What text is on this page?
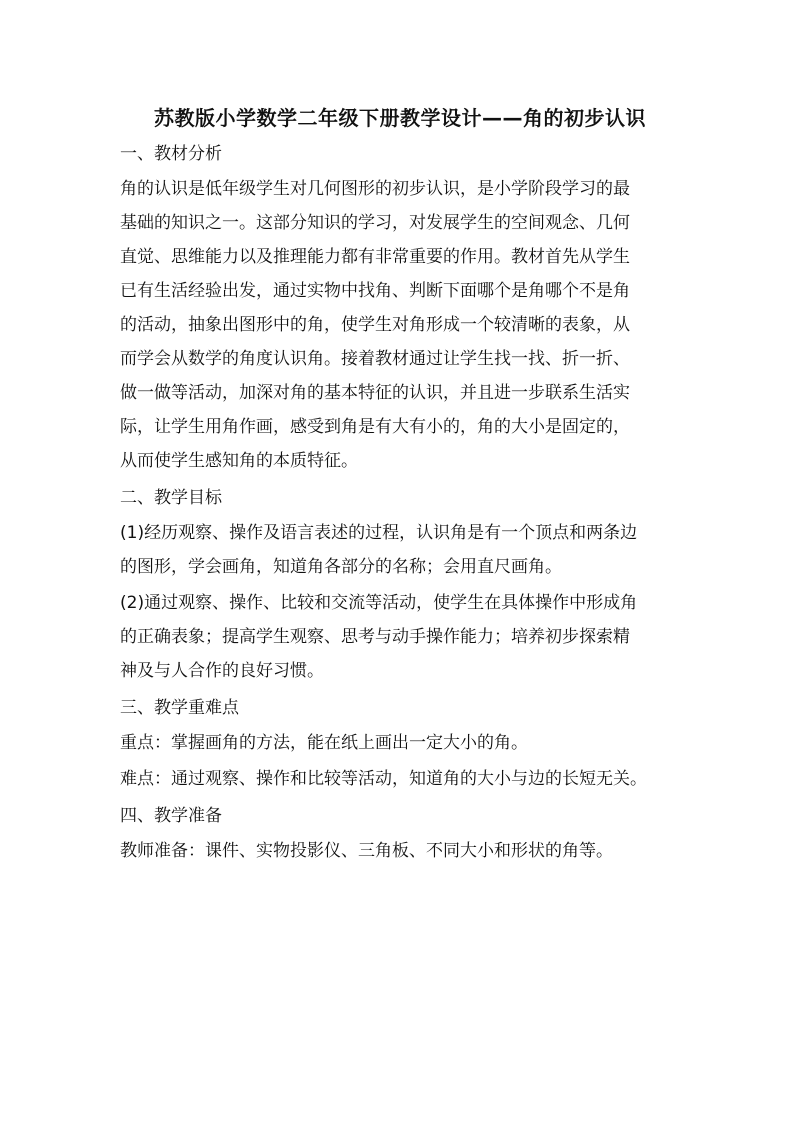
苏教版小学数学二年级下册教学设计——角的初步认识
一、教材分析
角的认识是低年级学生对几何图形的初步认识，是小学阶段学习的最
基础的知识之一。这部分知识的学习，对发展学生的空间观念、几何
直觉、思维能力以及推理能力都有非常重要的作用。教材首先从学生
已有生活经验出发，通过实物中找角、判断下面哪个是角哪个不是角
的活动，抽象出图形中的角，使学生对角形成一个较清晰的表象，从
而学会从数学的角度认识角。接着教材通过让学生找一找、折一折、
做一做等活动，加深对角的基本特征的认识，并且进一步联系生活实
际，让学生用角作画，感受到角是有大有小的，角的大小是固定的，
从而使学生感知角的本质特征。
二、教学目标
(1)经历观察、操作及语言表述的过程，认识角是有一个顶点和两条边
的图形，学会画角，知道角各部分的名称；会用直尺画角。
(2)通过观察、操作、比较和交流等活动，使学生在具体操作中形成角
的正确表象；提高学生观察、思考与动手操作能力；培养初步探索精
神及与人合作的良好习惯。
三、教学重难点
重点：掌握画角的方法，能在纸上画出一定大小的角。
难点：通过观察、操作和比较等活动，知道角的大小与边的长短无关。
四、教学准备
教师准备：课件、实物投影仪、三角板、不同大小和形状的角等。
